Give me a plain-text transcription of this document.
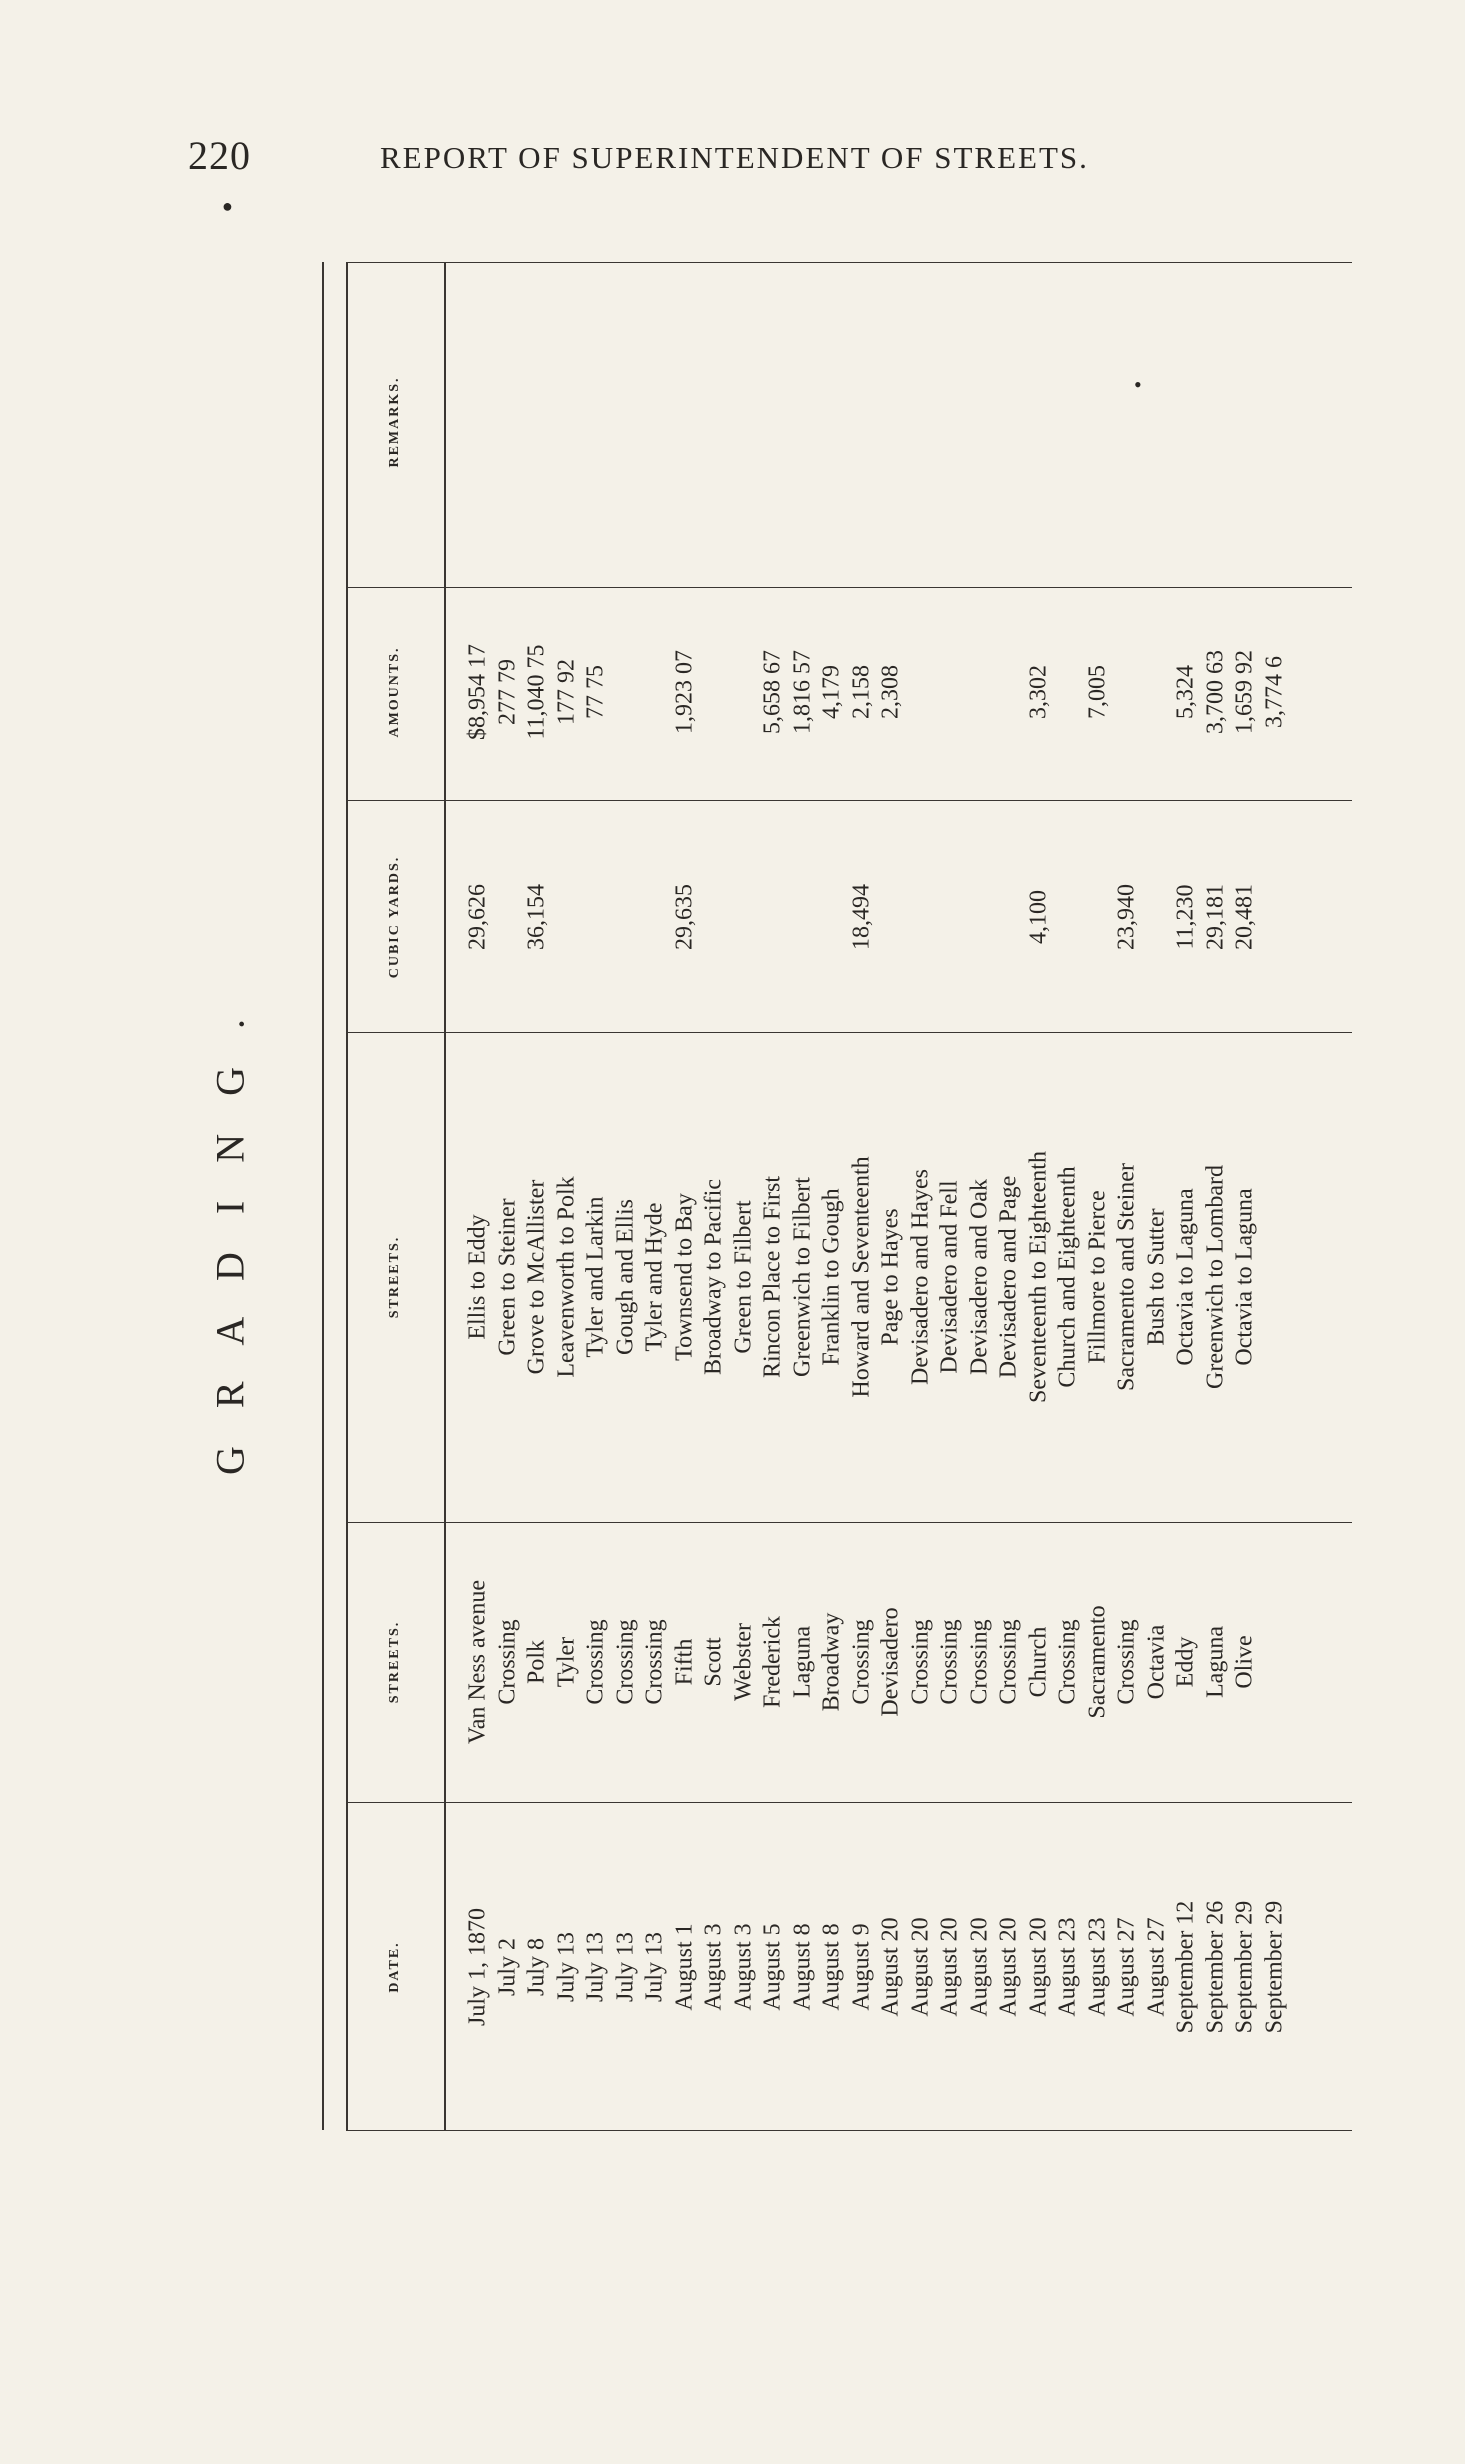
220	REPORT OF SUPERINTENDENT OF STREETS.
●
G R A D I N G .
REMARKS.
AMOUNTS.
CUBIC YARDS.
STREETS.
STREETS.
DATE.
$8,954 17
29,626
Ellis to Eddy
Van Ness avenue
July 1, 1870
277 79
Green to Steiner
Crossing
July 2
11,040 75
36,154
Grove to McAllister
Polk
July 8
177 92
Leavenworth to Polk
Tyler
July 13
77 75
Tyler and Larkin
Crossing
July 13
Gough and Ellis
Crossing
July 13
Tyler and Hyde
Crossing
July 13
1,923 07
29,635
Townsend to Bay
Fifth
August 1
Broadway to Pacific
Scott
August 3
Green to Filbert
Webster
August 3
5,658 67
Rincon Place to First
Frederick
August 5
1,816 57
Greenwich to Filbert
Laguna
August 8
4,179
Franklin to Gough
Broadway
August 8
2,158
18,494
Howard and Seventeenth
Crossing
August 9
2,308
Page to Hayes
Devisadero
August 20
Devisadero and Hayes
Crossing
August 20
Devisadero and Fell
Crossing
August 20
Devisadero and Oak
Crossing
August 20
Devisadero and Page
Crossing
August 20
3,302
4,100
Seventeenth to Eighteenth
Church
August 20
Church and Eighteenth
Crossing
August 23
7,005
Fillmore to Pierce
Sacramento
August 23
23,940
Sacramento and Steiner
Crossing
August 27
Bush to Sutter
Octavia
August 27
5,324
11,230
Octavia to Laguna
Eddy
September 12
3,700 63
29,181
Greenwich to Lombard
Laguna
September 26
1,659 92
20,481
Octavia to Laguna
Olive
September 29
3,774 6
September 29
•
